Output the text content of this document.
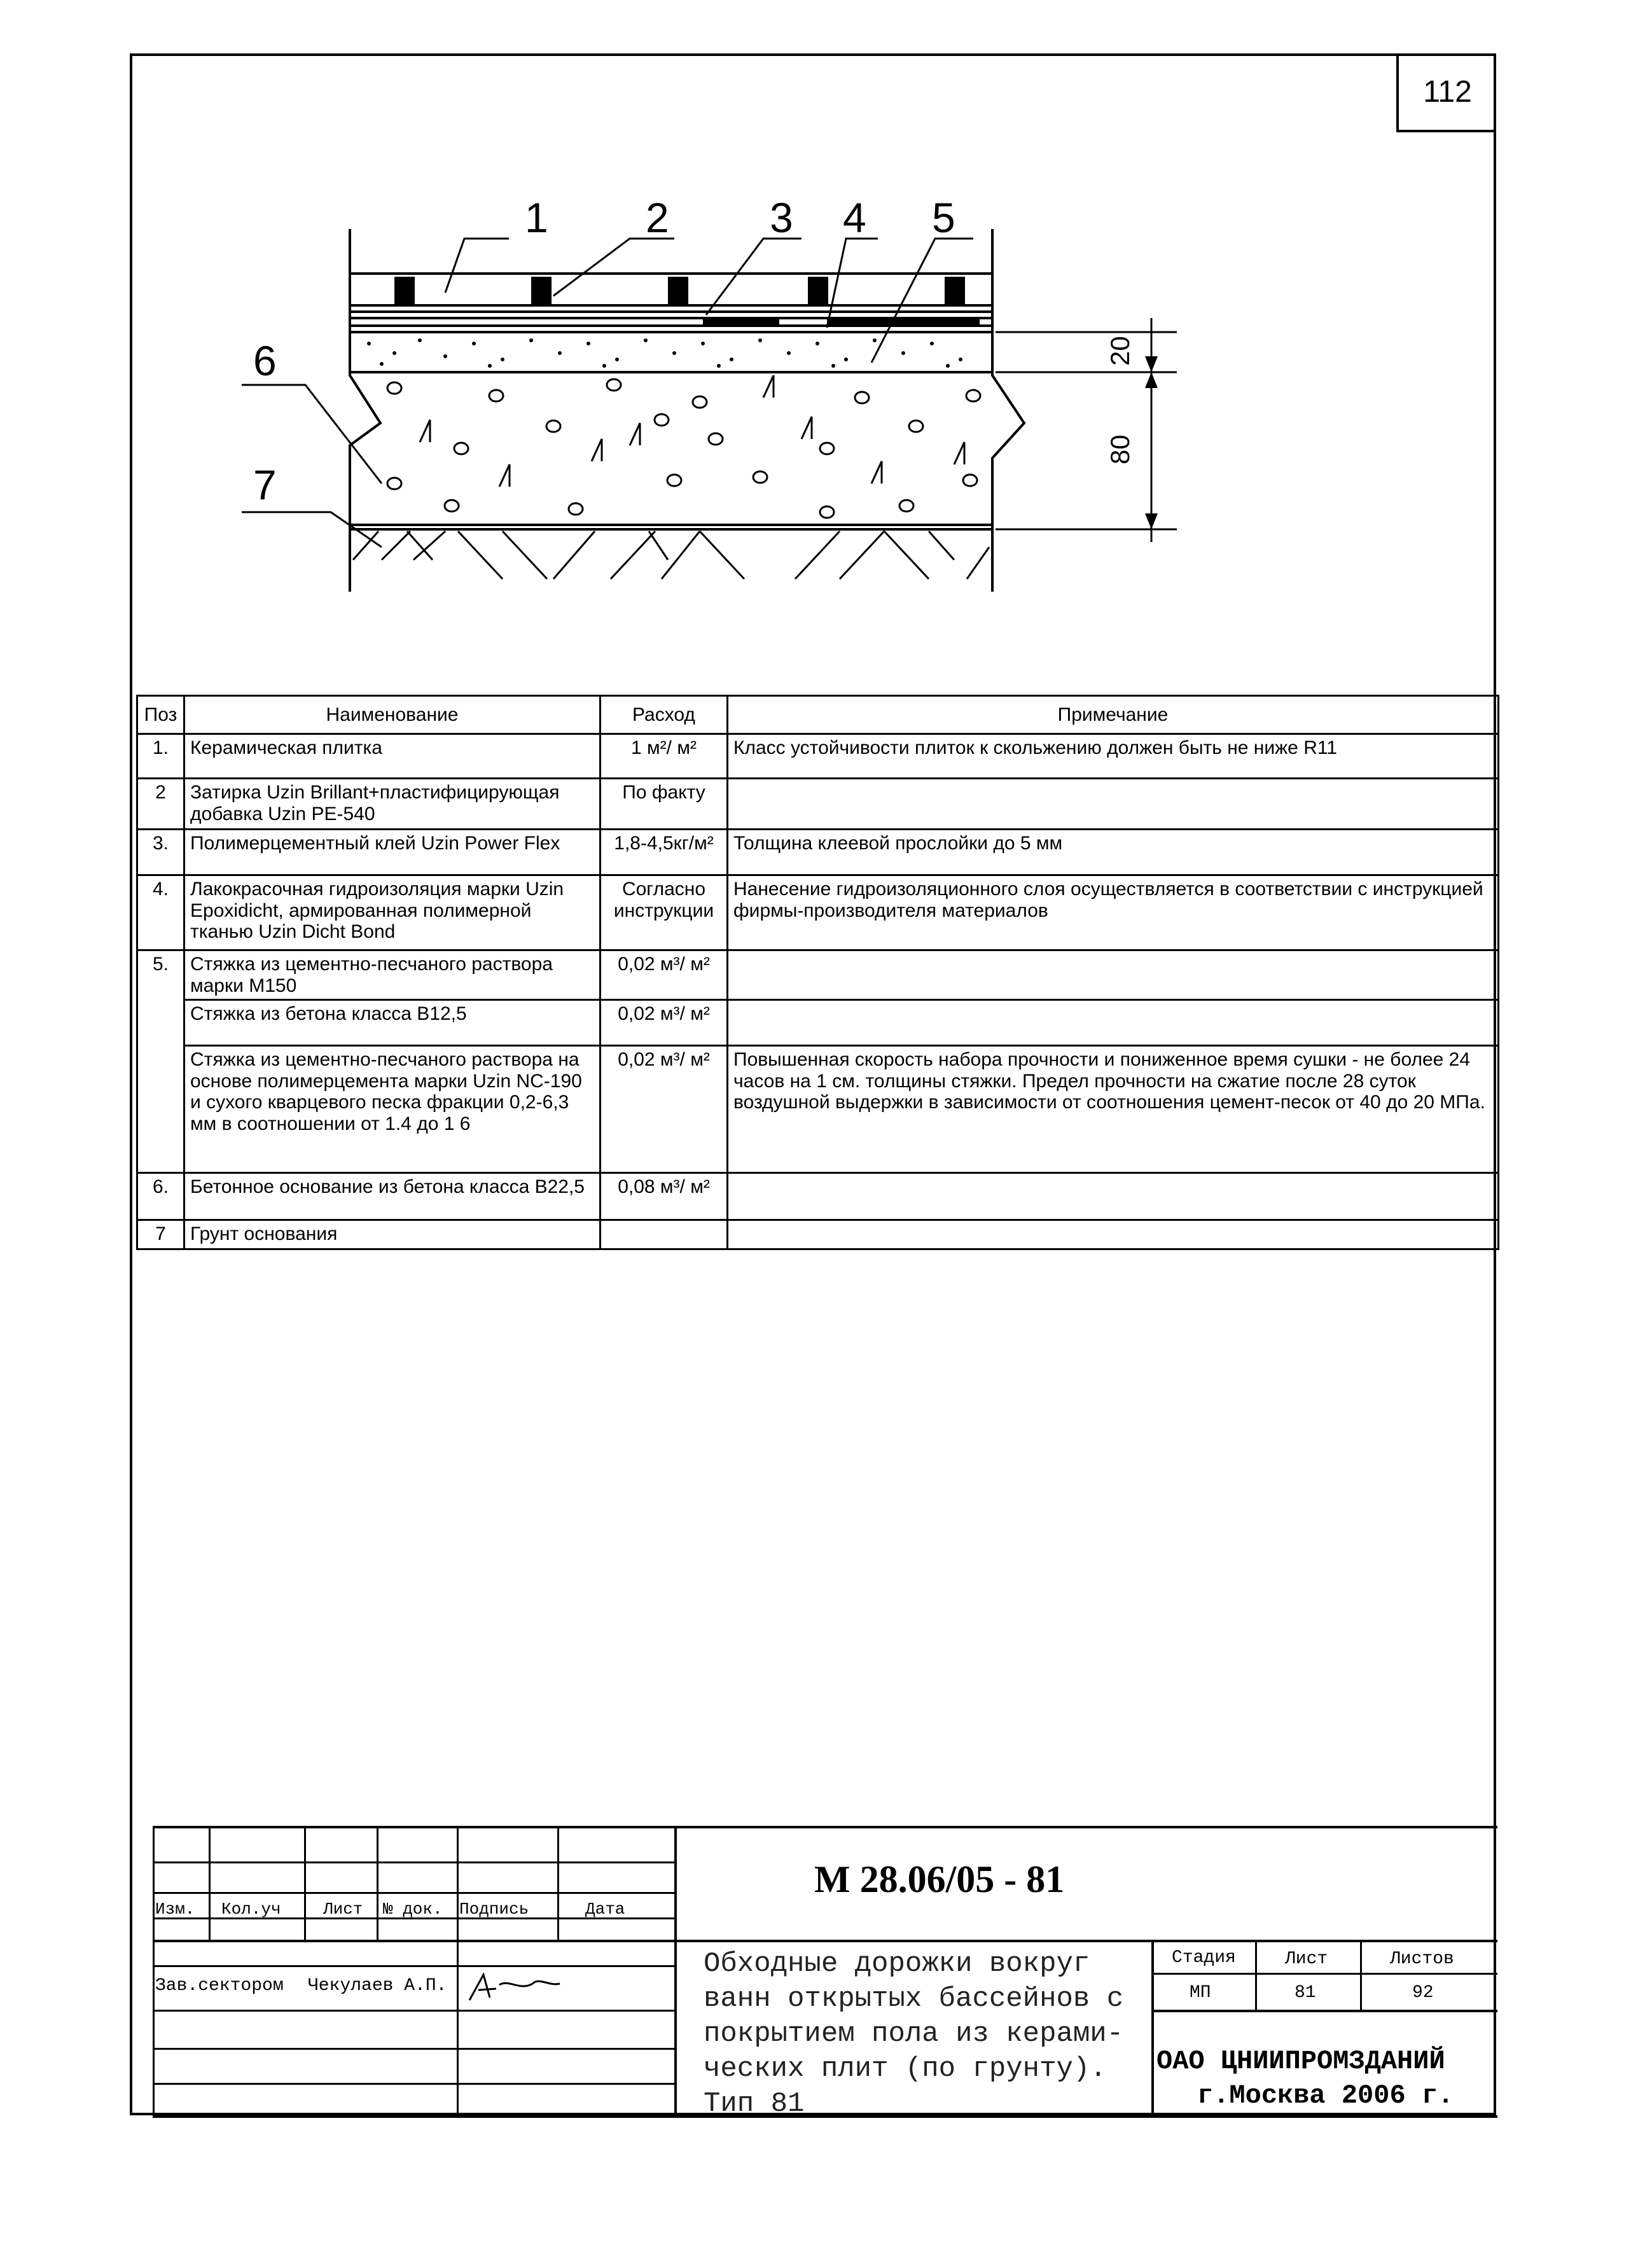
112
1 2 3 4 5
6
7
20
80
Поз	Наименование	Расход	Примечание
1.	Керамическая плитка	1 м²/ м²	Класс устойчивости плиток к скольжению должен быть не ниже R11
2	Затирка Uzin Brillant+пластифицирующая добавка Uzin PE-540	По факту	
3.	Полимерцементный клей Uzin Power Flex	1,8-4,5кг/м²	Толщина клеевой прослойки до 5 мм
4.	Лакокрасочная гидроизоляция марки Uzin Epoxidicht, армированная полимерной тканью Uzin Dicht Bond	Согласно инструкции	Нанесение гидроизоляционного слоя осуществляется в соответствии с инструкцией фирмы-производителя материалов
5.	Стяжка из цементно-песчаного раствора марки М150	0,02 м³/ м²	
	Стяжка из бетона класса В12,5	0,02 м³/ м²	
	Стяжка из цементно-песчаного раствора на основе полимерцемента марки Uzin NC-190 и сухого кварцевого песка фракции 0,2-6,3 мм в соотношении от 1.4 до 1 6	0,02 м³/ м²	Повышенная скорость набора прочности и пониженное время сушки - не более 24 часов на 1 см. толщины стяжки. Предел прочности на сжатие после 28 суток воздушной выдержки в зависимости от соотношения цемент-песок от 40 до 20 МПа.
6.	Бетонное основание из бетона класса В22,5	0,08 м³/ м²	
7	Грунт основания		
Изм. Кол.уч	Лист № док. Подпись	Дата
Зав.сектором Чекулаев А.П.
М 28.06/05 - 81
Обходные дорожки вокруг
ванн открытых бассейнов с
покрытием пола из керами-
ческих плит (по грунту).
Тип 81
Стадия	Лист	Листов
МП	81	92
ОАО ЦНИИПРОМЗДАНИЙ
г.Москва 2006 г.
